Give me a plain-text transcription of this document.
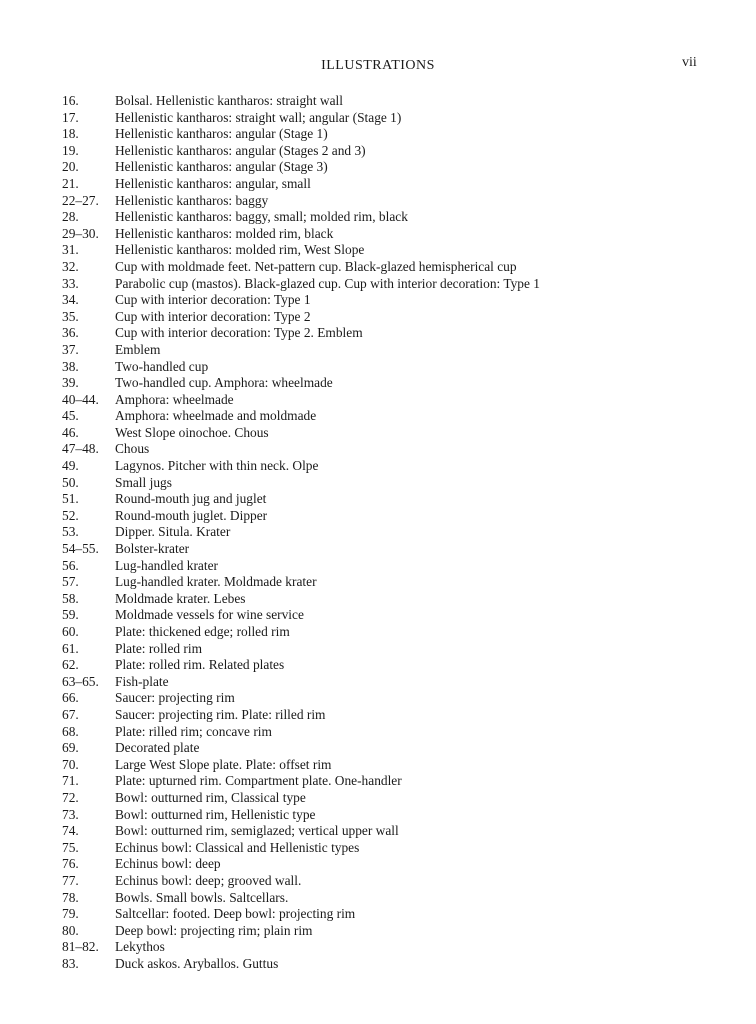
ILLUSTRATIONS	vii
16.	Bolsal. Hellenistic kantharos: straight wall
17.	Hellenistic kantharos: straight wall; angular (Stage 1)
18.	Hellenistic kantharos: angular (Stage 1)
19.	Hellenistic kantharos: angular (Stages 2 and 3)
20.	Hellenistic kantharos: angular (Stage 3)
21.	Hellenistic kantharos: angular, small
22–27.	Hellenistic kantharos: baggy
28.	Hellenistic kantharos: baggy, small; molded rim, black
29–30.	Hellenistic kantharos: molded rim, black
31.	Hellenistic kantharos: molded rim, West Slope
32.	Cup with moldmade feet. Net-pattern cup. Black-glazed hemispherical cup
33.	Parabolic cup (mastos). Black-glazed cup. Cup with interior decoration: Type 1
34.	Cup with interior decoration: Type 1
35.	Cup with interior decoration: Type 2
36.	Cup with interior decoration: Type 2. Emblem
37.	Emblem
38.	Two-handled cup
39.	Two-handled cup. Amphora: wheelmade
40–44.	Amphora: wheelmade
45.	Amphora: wheelmade and moldmade
46.	West Slope oinochoe. Chous
47–48.	Chous
49.	Lagynos. Pitcher with thin neck. Olpe
50.	Small jugs
51.	Round-mouth jug and juglet
52.	Round-mouth juglet. Dipper
53.	Dipper. Situla. Krater
54–55.	Bolster-krater
56.	Lug-handled krater
57.	Lug-handled krater. Moldmade krater
58.	Moldmade krater. Lebes
59.	Moldmade vessels for wine service
60.	Plate: thickened edge; rolled rim
61.	Plate: rolled rim
62.	Plate: rolled rim. Related plates
63–65.	Fish-plate
66.	Saucer: projecting rim
67.	Saucer: projecting rim. Plate: rilled rim
68.	Plate: rilled rim; concave rim
69.	Decorated plate
70.	Large West Slope plate. Plate: offset rim
71.	Plate: upturned rim. Compartment plate. One-handler
72.	Bowl: outturned rim, Classical type
73.	Bowl: outturned rim, Hellenistic type
74.	Bowl: outturned rim, semiglazed; vertical upper wall
75.	Echinus bowl: Classical and Hellenistic types
76.	Echinus bowl: deep
77.	Echinus bowl: deep; grooved wall.
78.	Bowls. Small bowls. Saltcellars.
79.	Saltcellar: footed. Deep bowl: projecting rim
80.	Deep bowl: projecting rim; plain rim
81–82.	Lekythos
83.	Duck askos. Aryballos. Guttus
